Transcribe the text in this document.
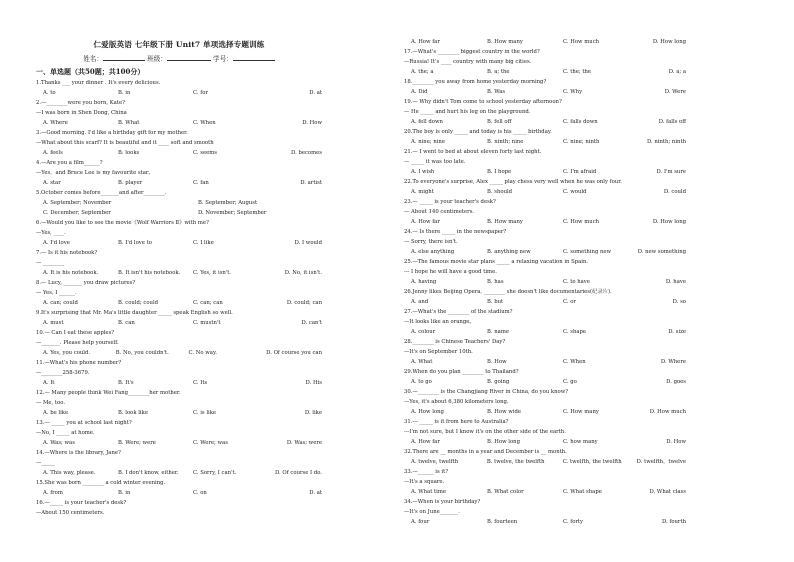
仁爱版英语 七年级下册 Unit7 单项选择专题训练
姓名：	班级：	学号：
一、单选题（共50题；共100分）
1.Thanks ___ your dinner . It's every delicious.
A. to	B. in	C. for	D. at
2.—________were you born, Kate?
—I was born in Shen Dong, China
A. Where	B. What	C. When	D. How
3.—Good morning. I'd like a birthday gift for my mother.
—What about this scarf? It is beautiful and it ____ soft and smooth
A. feels	B. looks	C. seems	D. becomes
4.—Are you a film______?
—Yes，and Bruce Lee is my favourite star。
A. star	B. player	C. fan	D. artist
5.October comes before_______and after________.
A. September; November	B. September; August
C. December; September	D. November; September
6.—Would you like to see the movie《Wolf Warriors Ⅱ》with me?
—Yes, ____.
A. I'd love	B. I'd love to	C. I like	D. I would
7.— Is it his notebook?
— ________
A. It is his notebook.	B. It isn't his notebook.	C. Yes, it isn't.	D. No, it isn't.
8.— Lucy, _______ you draw pictures?
— Yes, I ______.
A. can; could	B. could; could	C. can; can	D. could; can
9.It's surprising that Mr. Ma's little daughter _____ speak English so well.
A. must	B. can	C. mustn't	D. can't
10.— Can I eat these apples?
—_______. Please help yourself.
A. Yes, you could.	B. No, you couldn't.	C. No way.	D. Of course you can
11.—What's his phone number?
—________258-3679.
A. It	B. It's	C. Its	D. His
12.— Many people think Wei Fang________her mother.
— Me, too.
A. be like	B. look like	C. is like	D. like
13.— _____ you at school last night?
—No, I _____ at home.
A. Was; was	B. Were; were	C. Were; was	D. Was; were
14.—Where is the library, Jane?
—_____
A. This way, please.	B. I don't know, either.	C. Sorry, I can't.	D. Of course I do.
15.She was born ________ a cold winter evening.
A. from	B. in	C. on	D. at
16.—_____ is your teacher's desk?
—About 150 centimeters.
A. How far	B. How many	C. How much	D. How long
17.—What's ________ biggest country in the world?
—Russia! It's ____ country with many big cities.
A. the; a	B. a; the	C. the; the	D. a; a
18.________ you away from home yesterday morning?
A. Did	B. Was	C. Why	D. Were
19.— Why didn't Tom come to school yesterday afternoon?
— He _____ and hurt his leg on the playground.
A. fell down	B. fell off	C. falls down	D. falls off
20.The boy is only _____ and today is his _____ birthday.
A. nine; nine	B. ninth; nine	C. nine; ninth	D. ninth; ninth
21.— I went to bed at about eleven forty last night.
— _____ it was too late.
A. I wish	B. I hope	C. I'm afraid	D. I'm sure
22.To everyone's surprise, Alex _____ play chess very well when he was only four.
A. might	B. should	C. would	D. could
23.— _____ is your teacher's desk?
— About 140 centimeters.
A. How far	B. How many	C. How much	D. How long
24.— Is there _____ in the newspaper?
— Sorry, there isn't.
A. else anything	B. anything new	C. something new	D. new something
25.---The famous movie star plans _____ a relaxing vacation in Spain.
--- I hope he will have a good time.
A. having	B. has	C. to have	D. have
26.Jenny likes Beijing Opera, ________ she doesn't like documentaries(纪录片).
A. and	B. but	C. or	D. so
27.—What's the ________ of the stadium?
—It looks like an orange。
A. colour	B. name	C. shape	D. size
28.________ is Chinese Teachers' Day?
—It's on September 10th.
A. What	B. How	C. When	D. Where
29.When do you plan ________ to Thailand?
A. to go	B. going	C. go	D. goes
30.—________ is the Changjiang River in China, do you know?
—Yes, it's about 6,380 kilometers long.
A. How long	B. How wide	C. How many	D. How much
31.--- _____ is it from here to Australia?
---I'm not sure, but I know it's on the other side of the earth.
A. How far	B. How long	C. how many	D. How
32.There are __ months in a year and December is __ month.
A. twelve, twelfth	B. twelve, the twelfth	C. twelfth, the twelfth	D. twelfth，twelve
33.—______ is it?
—It's a square.
A. What time	B. What color	C. What shape	D. What class
34.—When is your birthday?
—It's on June_______.
A. four	B. fourteen	C. forty	D. fourth
